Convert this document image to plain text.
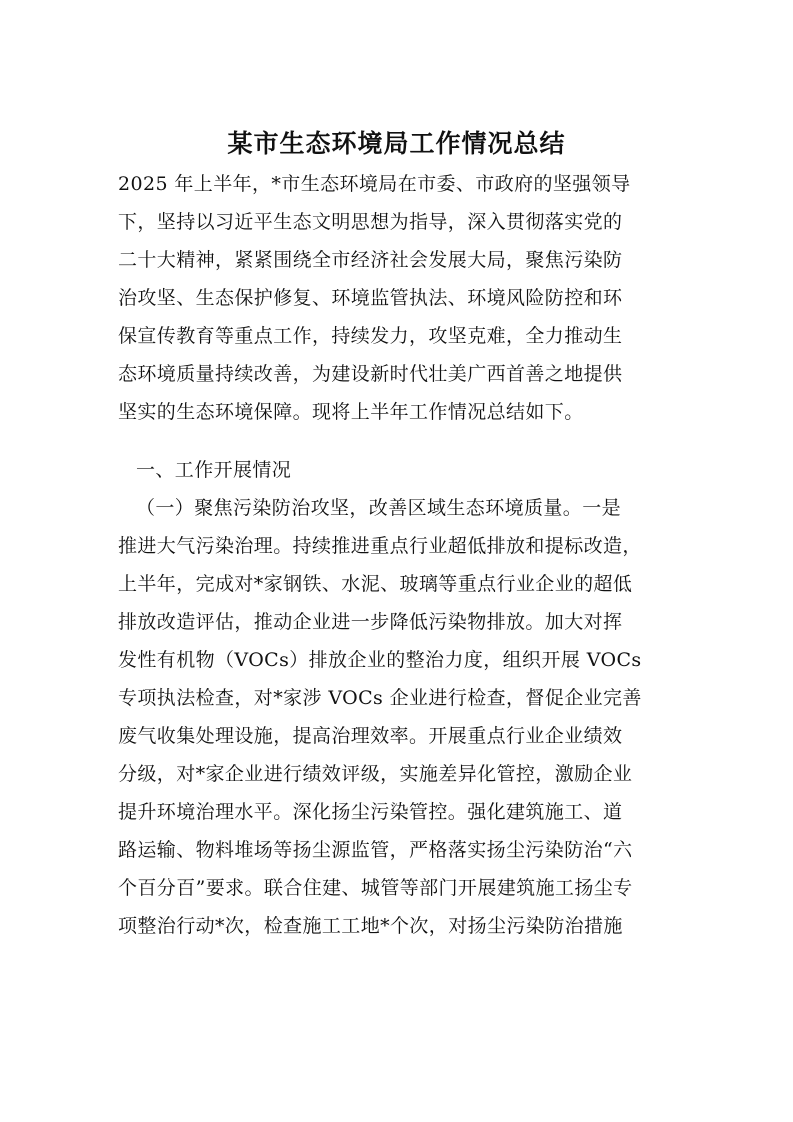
某市生态环境局工作情况总结
2025 年上半年，*市生态环境局在市委、市政府的坚强领导
下，坚持以习近平生态文明思想为指导，深入贯彻落实党的
二十大精神，紧紧围绕全市经济社会发展大局，聚焦污染防
治攻坚、生态保护修复、环境监管执法、环境风险防控和环
保宣传教育等重点工作，持续发力，攻坚克难，全力推动生
态环境质量持续改善，为建设新时代壮美广西首善之地提供
坚实的生态环境保障。现将上半年工作情况总结如下。
一、工作开展情况
（一）聚焦污染防治攻坚，改善区域生态环境质量。一是
推进大气污染治理。持续推进重点行业超低排放和提标改造，
上半年，完成对*家钢铁、水泥、玻璃等重点行业企业的超低
排放改造评估，推动企业进一步降低污染物排放。加大对挥
发性有机物（VOCs）排放企业的整治力度，组织开展 VOCs
专项执法检查，对*家涉 VOCs 企业进行检查，督促企业完善
废气收集处理设施，提高治理效率。开展重点行业企业绩效
分级，对*家企业进行绩效评级，实施差异化管控，激励企业
提升环境治理水平。深化扬尘污染管控。强化建筑施工、道
路运输、物料堆场等扬尘源监管，严格落实扬尘污染防治“六
个百分百”要求。联合住建、城管等部门开展建筑施工扬尘专
项整治行动*次，检查施工工地*个次，对扬尘污染防治措施
